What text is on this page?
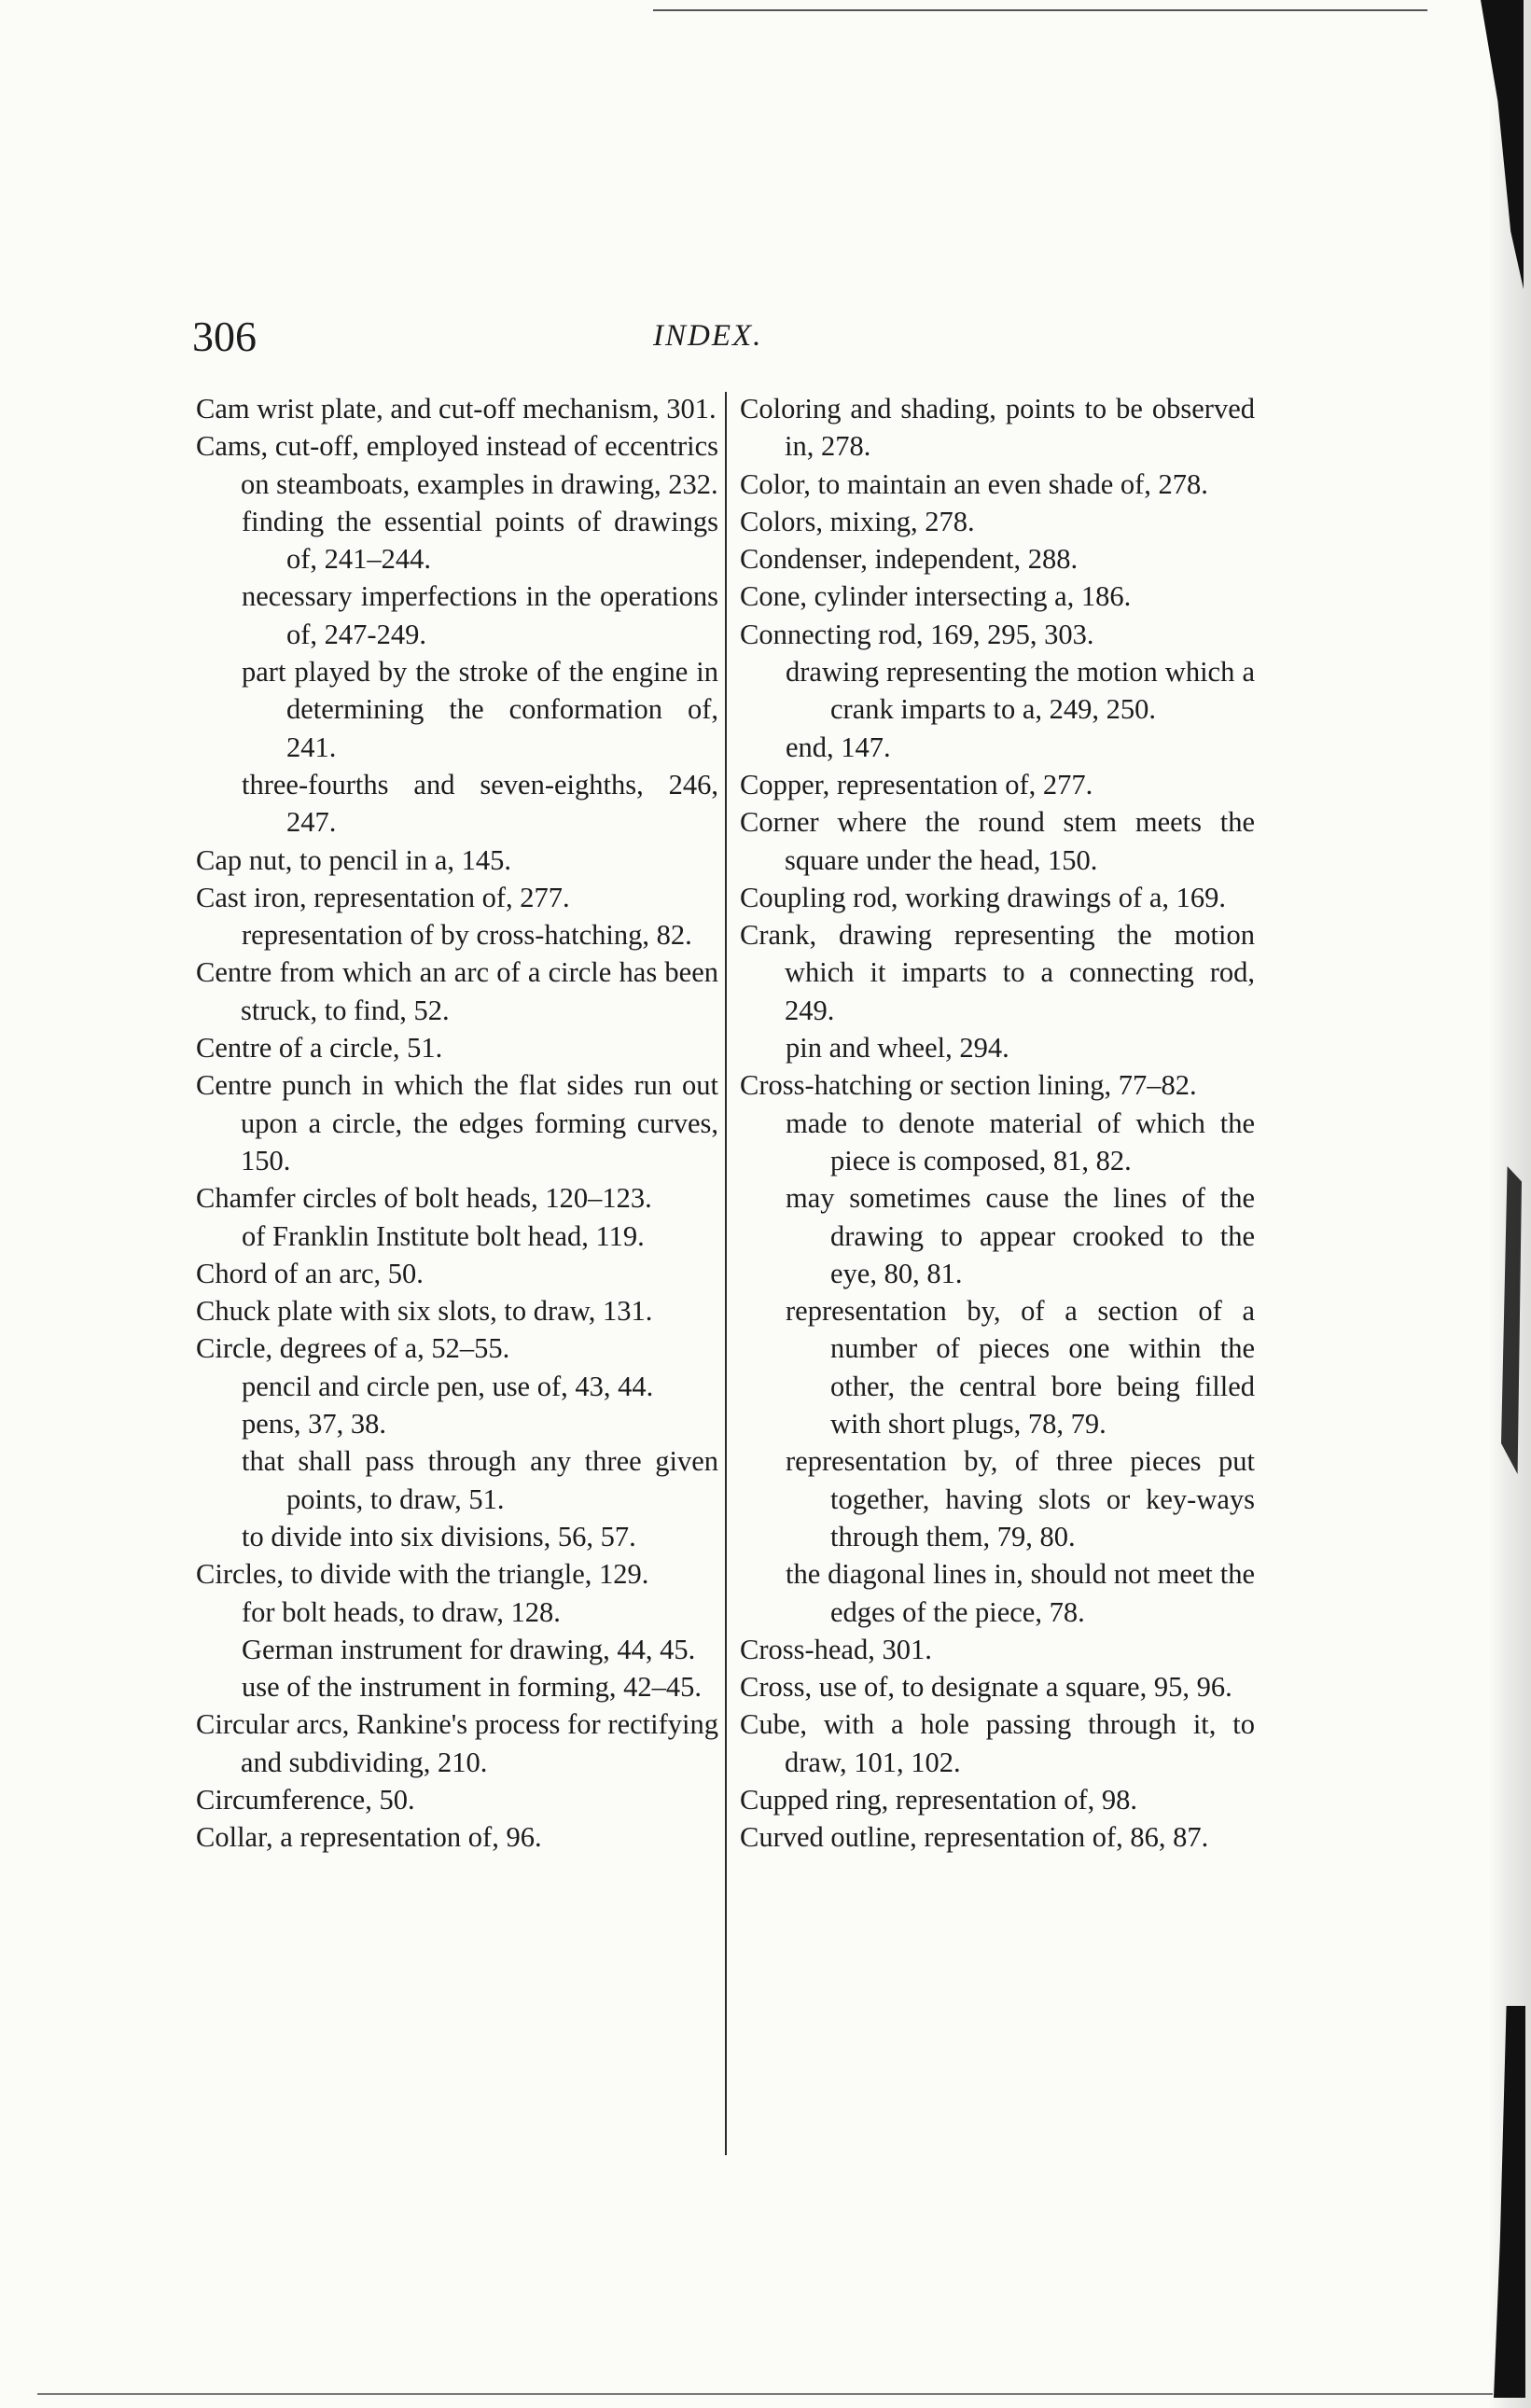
306	INDEX.

Cam wrist plate, and cut-off mechanism, 301.

Cams, cut-off, employed instead of eccentrics on steamboats, examples in drawing, 232.

finding the essential points of drawings of, 241–244.

necessary imperfections in the operations of, 247-249.

part played by the stroke of the engine in determining the conformation of, 241.

three-fourths and seven-eighths, 246, 247.

Cap nut, to pencil in a, 145.

Cast iron, representation of, 277.

representation of by cross-hatching, 82.

Centre from which an arc of a circle has been struck, to find, 52.

Centre of a circle, 51.

Centre punch in which the flat sides run out upon a circle, the edges forming curves, 150.

Chamfer circles of bolt heads, 120–123.

of Franklin Institute bolt head, 119.

Chord of an arc, 50.

Chuck plate with six slots, to draw, 131.

Circle, degrees of a, 52–55.

pencil and circle pen, use of, 43, 44.

pens, 37, 38.

that shall pass through any three given points, to draw, 51.

to divide into six divisions, 56, 57.

Circles, to divide with the triangle, 129.

for bolt heads, to draw, 128.

German instrument for drawing, 44, 45.

use of the instrument in forming, 42–45.

Circular arcs, Rankine's process for rectifying and subdividing, 210.

Circumference, 50.

Collar, a representation of, 96.

Coloring and shading, points to be observed in, 278.

Color, to maintain an even shade of, 278.

Colors, mixing, 278.

Condenser, independent, 288.

Cone, cylinder intersecting a, 186.

Connecting rod, 169, 295, 303.

drawing representing the motion which a crank imparts to a, 249, 250.

end, 147.

Copper, representation of, 277.

Corner where the round stem meets the square under the head, 150.

Coupling rod, working drawings of a, 169.

Crank, drawing representing the motion which it imparts to a connecting rod, 249.

pin and wheel, 294.

Cross-hatching or section lining, 77–82.

made to denote material of which the piece is composed, 81, 82.

may sometimes cause the lines of the drawing to appear crooked to the eye, 80, 81.

representation by, of a section of a number of pieces one within the other, the central bore being filled with short plugs, 78, 79.

representation by, of three pieces put together, having slots or key-ways through them, 79, 80.

the diagonal lines in, should not meet the edges of the piece, 78.

Cross-head, 301.

Cross, use of, to designate a square, 95, 96.

Cube, with a hole passing through it, to draw, 101, 102.

Cupped ring, representation of, 98.

Curved outline, representation of, 86, 87.
